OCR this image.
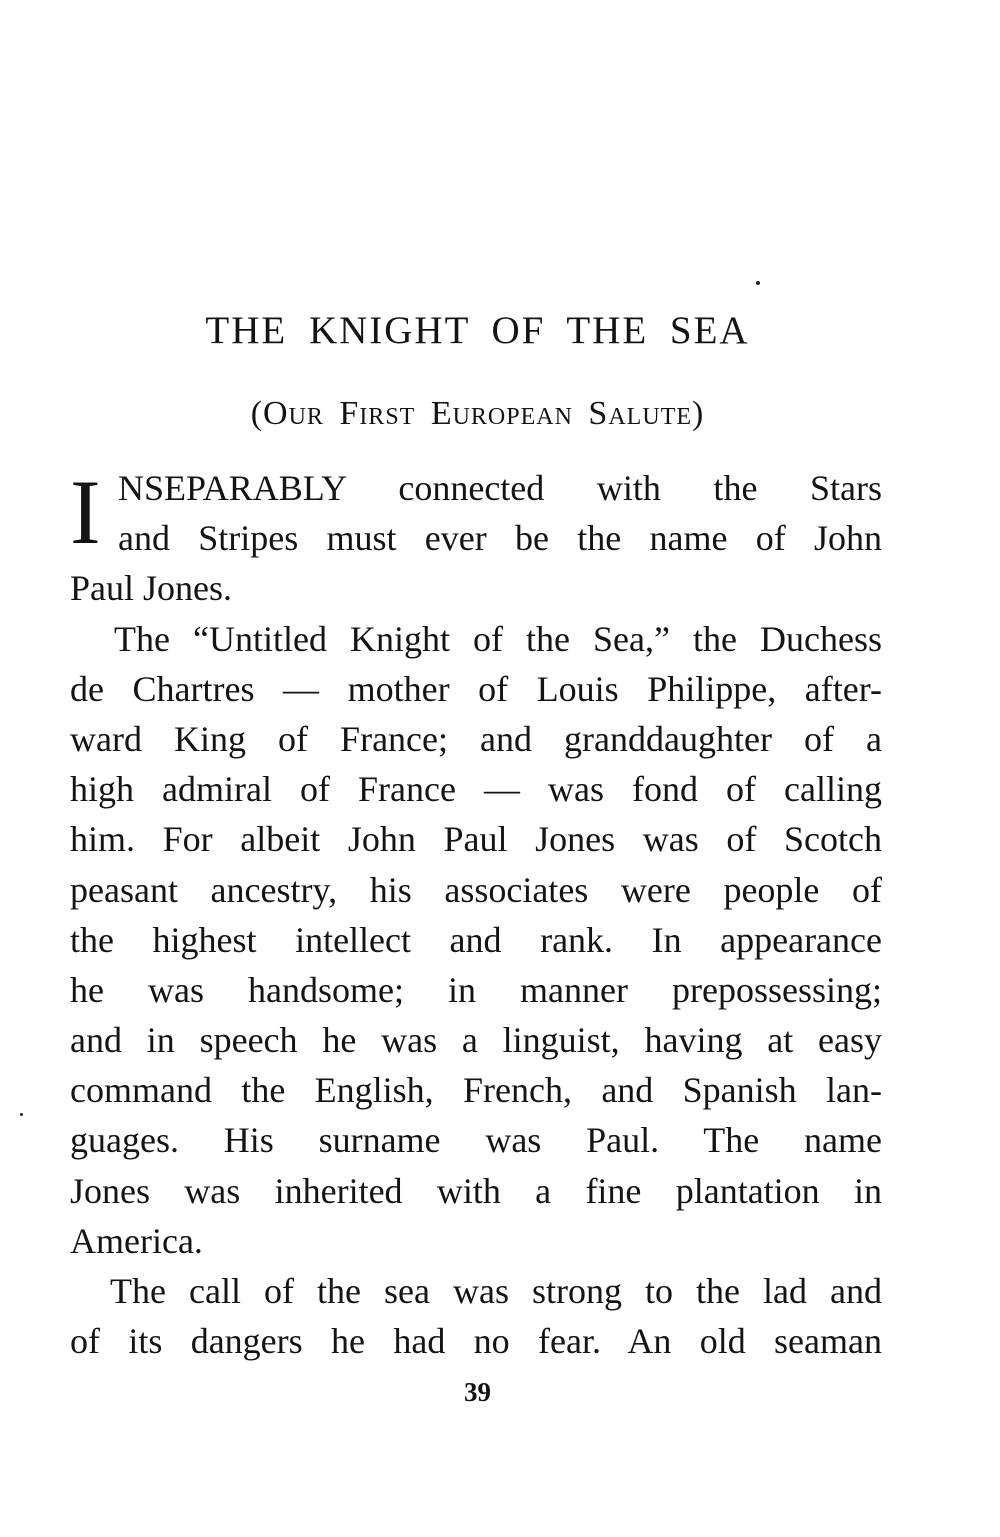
THE KNIGHT OF THE SEA
(Our First European Salute)
I NSEPARABLY connected with the Stars
and Stripes must ever be the name of John
Paul Jones.
The “Untitled Knight of the Sea,” the Duchess
de Chartres — mother of Louis Philippe, after-
ward King of France; and granddaughter of a
high admiral of France — was fond of calling
him. For albeit John Paul Jones was of Scotch
peasant ancestry, his associates were people of
the highest intellect and rank. In appearance
he was handsome; in manner prepossessing;
and in speech he was a linguist, having at easy
command the English, French, and Spanish lan-
guages. His surname was Paul. The name
Jones was inherited with a fine plantation in
America.
The call of the sea was strong to the lad and
of its dangers he had no fear. An old seaman
39
